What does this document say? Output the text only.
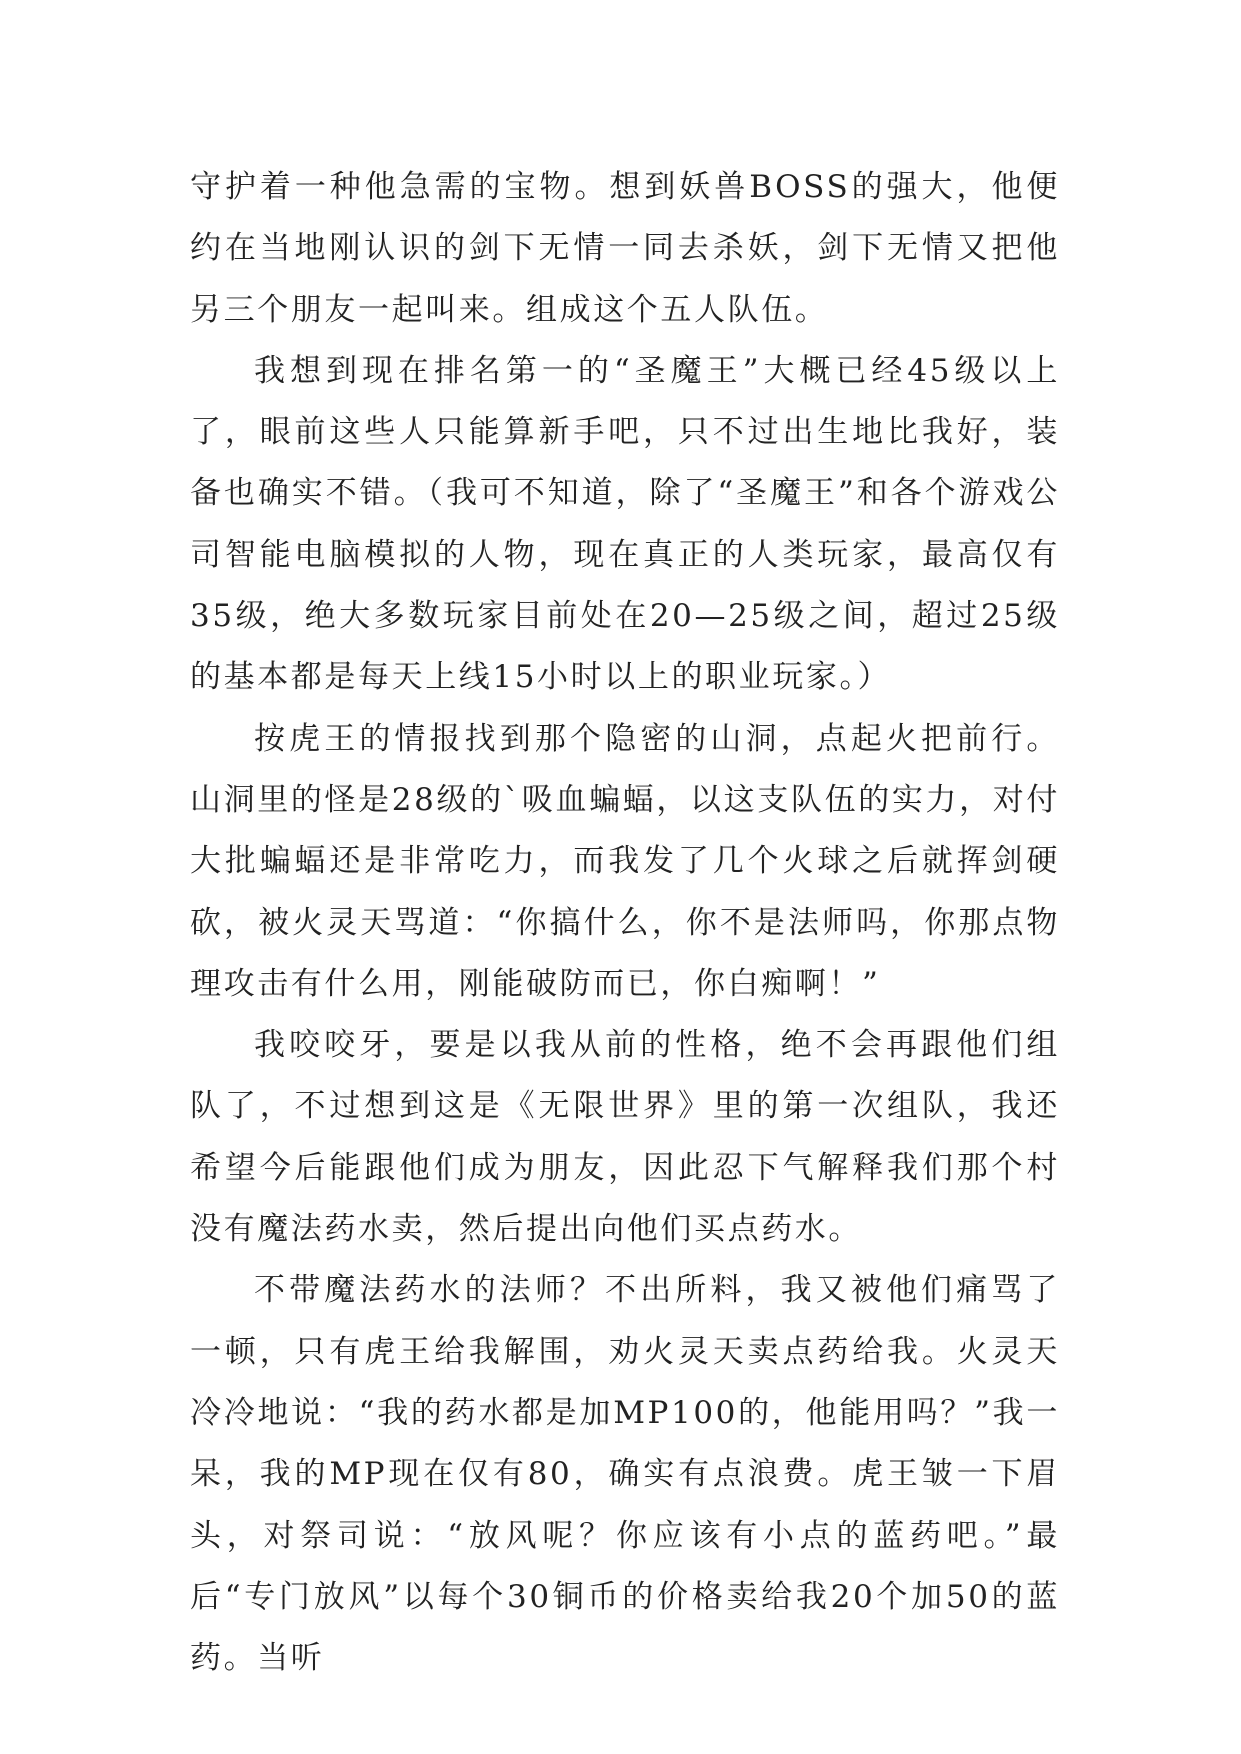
守护着一种他急需的宝物。想到妖兽BOSS的强大，他便约在当地刚认识的剑下无情一同去杀妖，剑下无情又把他另三个朋友一起叫来。组成这个五人队伍。

我想到现在排名第一的“圣魔王”大概已经45级以上了，眼前这些人只能算新手吧，只不过出生地比我好，装备也确实不错。（我可不知道，除了“圣魔王”和各个游戏公司智能电脑模拟的人物，现在真正的人类玩家，最高仅有35级，绝大多数玩家目前处在20—25级之间，超过25级的基本都是每天上线15小时以上的职业玩家。）

按虎王的情报找到那个隐密的山洞，点起火把前行。山洞里的怪是28级的`吸血蝙蝠，以这支队伍的实力，对付大批蝙蝠还是非常吃力，而我发了几个火球之后就挥剑硬砍，被火灵天骂道：“你搞什么，你不是法师吗，你那点物理攻击有什么用，刚能破防而已，你白痴啊！”

我咬咬牙，要是以我从前的性格，绝不会再跟他们组队了，不过想到这是《无限世界》里的第一次组队，我还希望今后能跟他们成为朋友，因此忍下气解释我们那个村没有魔法药水卖，然后提出向他们买点药水。

不带魔法药水的法师？不出所料，我又被他们痛骂了一顿，只有虎王给我解围，劝火灵天卖点药给我。火灵天冷冷地说：“我的药水都是加MP100的，他能用吗？”我一呆，我的MP现在仅有80，确实有点浪费。虎王皱一下眉头，对祭司说：“放风呢？你应该有小点的蓝药吧。”最后“专门放风”以每个30铜币的价格卖给我20个加50的蓝药。当听
